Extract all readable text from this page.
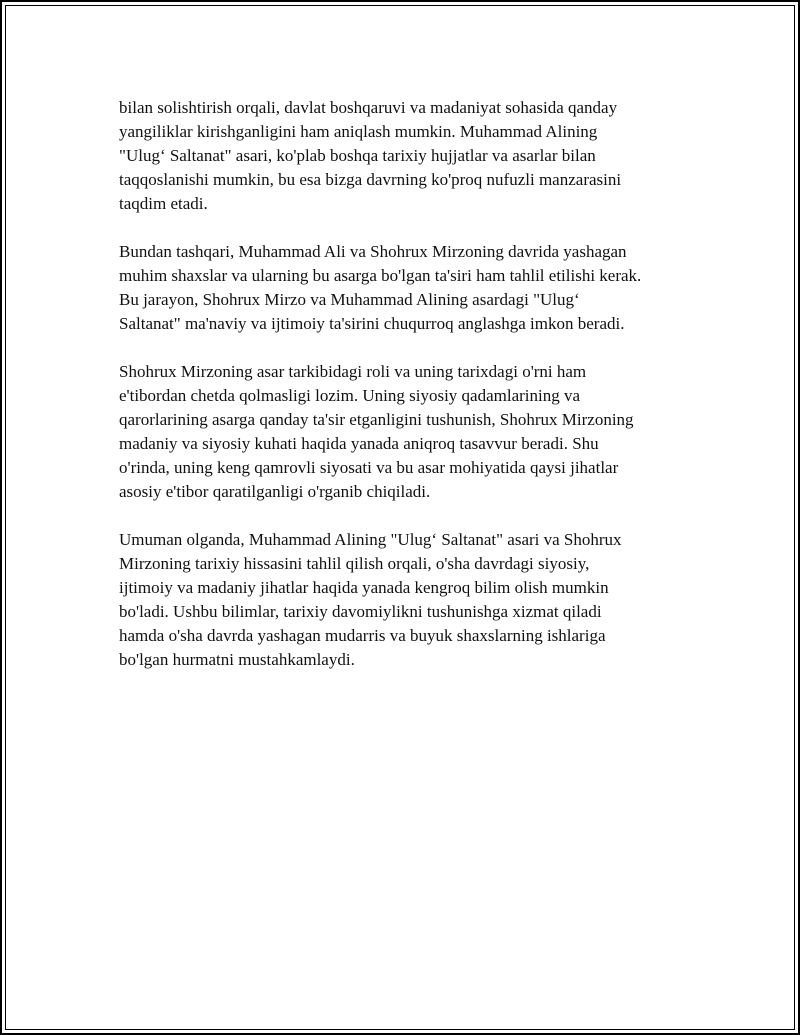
bilan solishtirish orqali, davlat boshqaruvi va madaniyat sohasida qanday
yangiliklar kirishganligini ham aniqlash mumkin. Muhammad Alining
"Ulug‘ Saltanat" asari, ko'plab boshqa tarixiy hujjatlar va asarlar bilan
taqqoslanishi mumkin, bu esa bizga davrning ko'proq nufuzli manzarasini
taqdim etadi.
Bundan tashqari, Muhammad Ali va Shohrux Mirzoning davrida yashagan
muhim shaxslar va ularning bu asarga bo'lgan ta'siri ham tahlil etilishi kerak.
Bu jarayon, Shohrux Mirzo va Muhammad Alining asardagi "Ulug‘
Saltanat" ma'naviy va ijtimoiy ta'sirini chuqurroq anglashga imkon beradi.
Shohrux Mirzoning asar tarkibidagi roli va uning tarixdagi o'rni ham
e'tibordan chetda qolmasligi lozim. Uning siyosiy qadamlarining va
qarorlarining asarga qanday ta'sir etganligini tushunish, Shohrux Mirzoning
madaniy va siyosiy kuhati haqida yanada aniqroq tasavvur beradi. Shu
o'rinda, uning keng qamrovli siyosati va bu asar mohiyatida qaysi jihatlar
asosiy e'tibor qaratilganligi o'rganib chiqiladi.
Umuman olganda, Muhammad Alining "Ulug‘ Saltanat" asari va Shohrux
Mirzoning tarixiy hissasini tahlil qilish orqali, o'sha davrdagi siyosiy,
ijtimoiy va madaniy jihatlar haqida yanada kengroq bilim olish mumkin
bo'ladi. Ushbu bilimlar, tarixiy davomiylikni tushunishga xizmat qiladi
hamda o'sha davrda yashagan mudarris va buyuk shaxslarning ishlariga
bo'lgan hurmatni mustahkamlaydi.
